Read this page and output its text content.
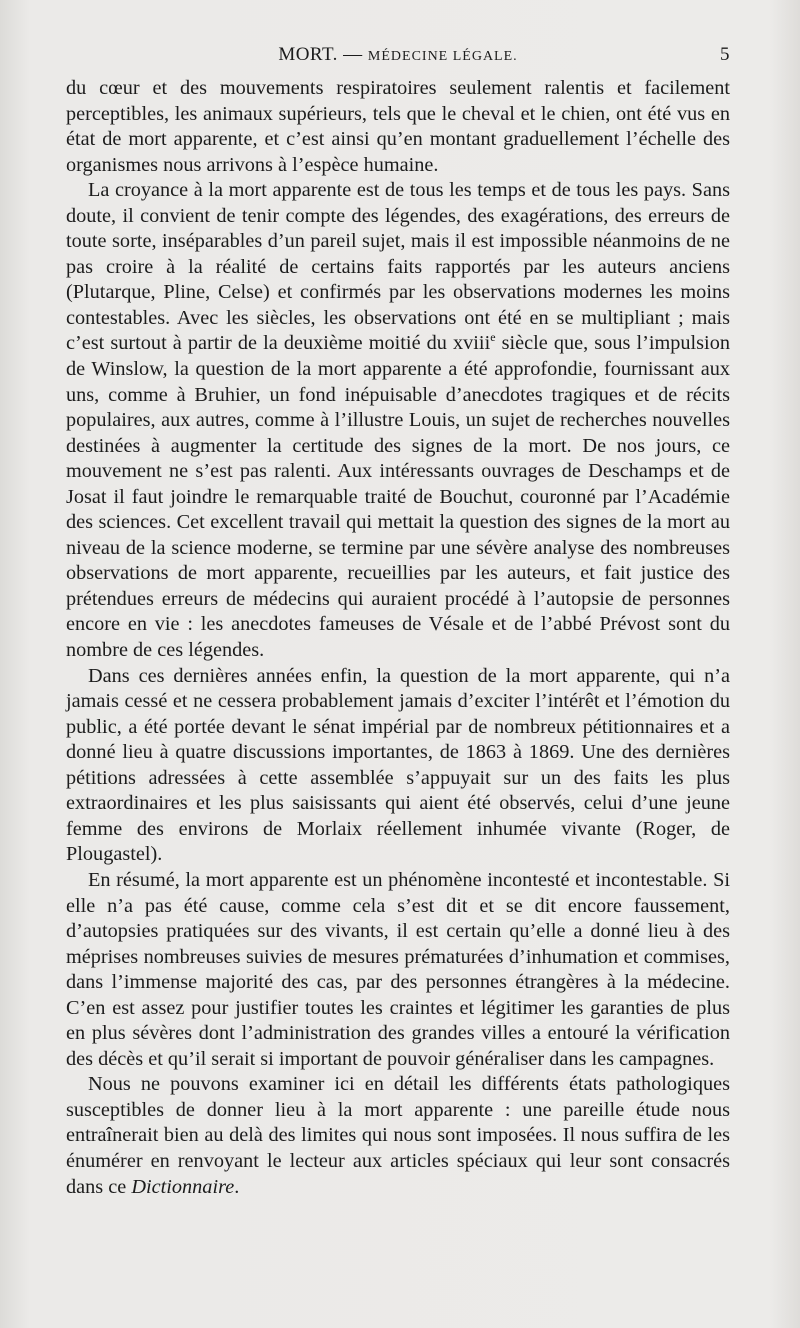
MORT. — MÉDECINE LÉGALE.	5

du cœur et des mouvements respiratoires seulement ralentis et facilement perceptibles, les animaux supérieurs, tels que le cheval et le chien, ont été vus en état de mort apparente, et c’est ainsi qu’en montant graduellement l’échelle des organismes nous arrivons à l’espèce humaine.

La croyance à la mort apparente est de tous les temps et de tous les pays. Sans doute, il convient de tenir compte des légendes, des exagérations, des erreurs de toute sorte, inséparables d’un pareil sujet, mais il est impossible néanmoins de ne pas croire à la réalité de certains faits rapportés par les auteurs anciens (Plutarque, Pline, Celse) et confirmés par les observations modernes les moins contestables. Avec les siècles, les observations ont été en se multipliant ; mais c’est surtout à partir de la deuxième moitié du xviii$^e$ siècle que, sous l’impulsion de Winslow, la question de la mort apparente a été approfondie, fournissant aux uns, comme à Bruhier, un fond inépuisable d’anecdotes tragiques et de récits populaires, aux autres, comme à l’illustre Louis, un sujet de recherches nouvelles destinées à augmenter la certitude des signes de la mort. De nos jours, ce mouvement ne s’est pas ralenti. Aux intéressants ouvrages de Deschamps et de Josat il faut joindre le remarquable traité de Bouchut, couronné par l’Académie des sciences. Cet excellent travail qui mettait la question des signes de la mort au niveau de la science moderne, se termine par une sévère analyse des nombreuses observations de mort apparente, recueillies par les auteurs, et fait justice des prétendues erreurs de médecins qui auraient procédé à l’autopsie de personnes encore en vie : les anecdotes fameuses de Vésale et de l’abbé Prévost sont du nombre de ces légendes.

Dans ces dernières années enfin, la question de la mort apparente, qui n’a jamais cessé et ne cessera probablement jamais d’exciter l’intérêt et l’émotion du public, a été portée devant le sénat impérial par de nombreux pétitionnaires et a donné lieu à quatre discussions importantes, de 1863 à 1869. Une des dernières pétitions adressées à cette assemblée s’appuyait sur un des faits les plus extraordinaires et les plus saisissants qui aient été observés, celui d’une jeune femme des environs de Morlaix réellement inhumée vivante (Roger, de Plougastel).

En résumé, la mort apparente est un phénomène incontesté et incontestable. Si elle n’a pas été cause, comme cela s’est dit et se dit encore faussement, d’autopsies pratiquées sur des vivants, il est certain qu’elle a donné lieu à des méprises nombreuses suivies de mesures prématurées d’inhumation et commises, dans l’immense majorité des cas, par des personnes étrangères à la médecine. C’en est assez pour justifier toutes les craintes et légitimer les garanties de plus en plus sévères dont l’administration des grandes villes a entouré la vérification des décès et qu’il serait si important de pouvoir généraliser dans les campagnes.

Nous ne pouvons examiner ici en détail les différents états pathologiques susceptibles de donner lieu à la mort apparente : une pareille étude nous entraînerait bien au delà des limites qui nous sont imposées. Il nous suffira de les énumérer en renvoyant le lecteur aux articles spéciaux qui leur sont consacrés dans ce Dictionnaire.
